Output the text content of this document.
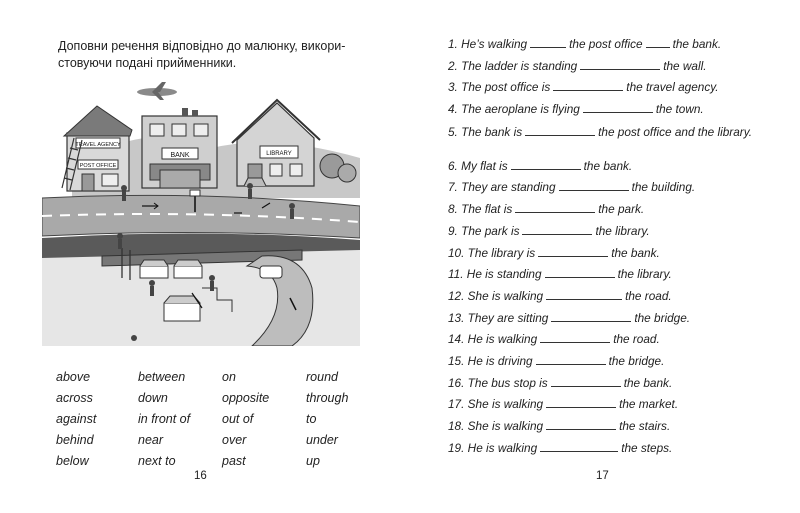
Доповни речення відповідно до малюнку, викори-
стовуючи подані прийменники.
TRAVEL AGENCY
POST OFFICE
BANK	LIBRARY
above	between	on	round
across	down	opposite	through
against	in front of	out of	to
behind	near	over	under
below	next to	past	up
16
1. He’s walking	the post office	the bank.
2. The ladder is standing	the wall.
3. The post office is	the travel agency.
4. The aeroplane is flying	the town.
5. The bank is	the post office and the library.
6. My flat is	the bank.
7. They are standing	the building.
8. The flat is	the park.
9. The park is	the library.
10. The library is	the bank.
11. He is standing	the library.
12. She is walking	the road.
13. They are sitting	the bridge.
14. He is walking	the road.
15. He is driving	the bridge.
16. The bus stop is	the bank.
17. She is walking	the market.
18. She is walking	the stairs.
19. He is walking	the steps.
17
